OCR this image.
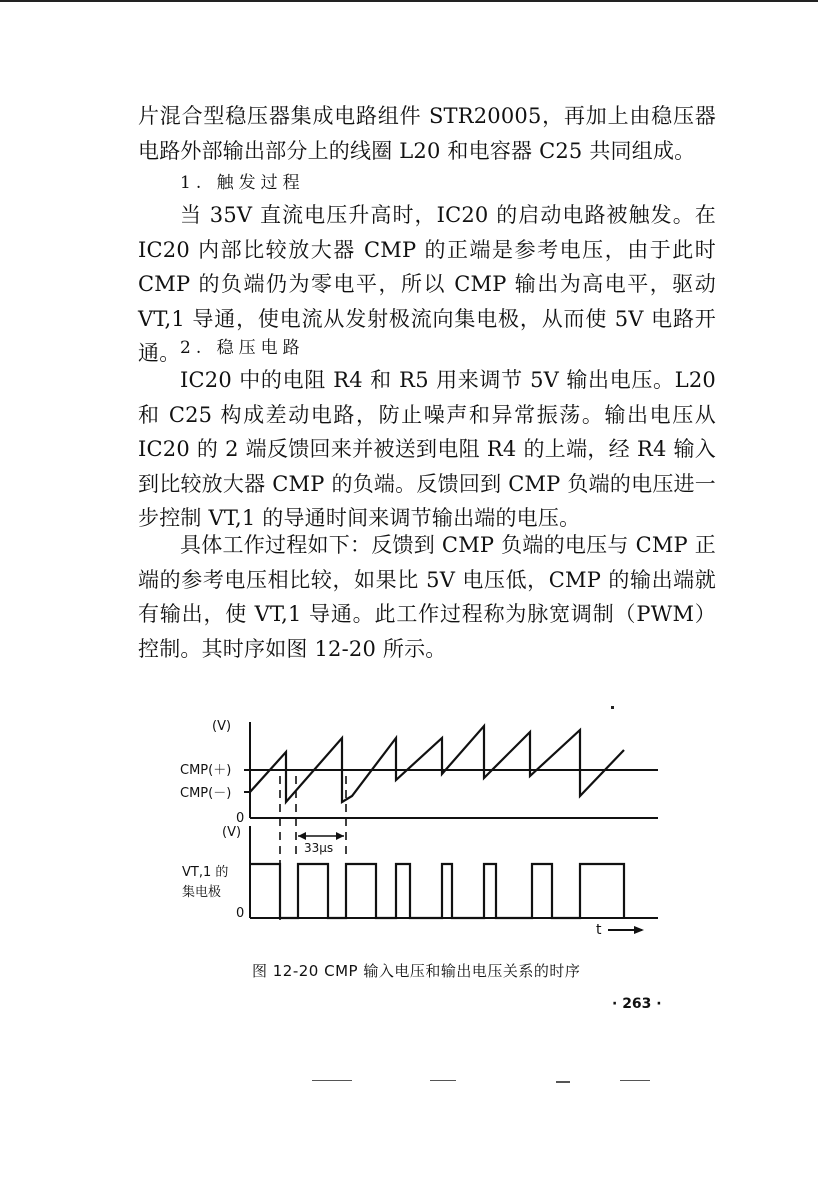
片混合型稳压器集成电路组件 STR20005，再加上由稳压器电路外部输出部分上的线圈 L20 和电容器 C25 共同组成。

1. 触发过程

当 35V 直流电压升高时，IC20 的启动电路被触发。在 IC20 内部比较放大器 CMP 的正端是参考电压，由于此时 CMP 的负端仍为零电平，所以 CMP 输出为高电平，驱动 VT,1 导通，使电流从发射极流向集电极，从而使 5V 电路开通。 2. 稳压电路

IC20 中的电阻 R4 和 R5 用来调节 5V 输出电压。L20 和 C25 构成差动电路，防止噪声和异常振荡。输出电压从 IC20 的 2 端反馈回来并被送到电阻 R4 的上端，经 R4 输入到比较放大器 CMP 的负端。反馈回到 CMP 负端的电压进一步控制 VT,1 的导通时间来调节输出端的电压。

具体工作过程如下：反馈到 CMP 负端的电压与 CMP 正端的参考电压相比较，如果比 5V 电压低，CMP 的输出端就有输出，使 VT,1 导通。此工作过程称为脉宽调制（PWM）控制。其时序如图 12-20 所示。

(V)
CMP(＋)
CMP(－)
0
(V)
33μs
VT,1 的
集电极
0
t
图 12-20 CMP 输入电压和输出电压关系的时序
· 263 ·
